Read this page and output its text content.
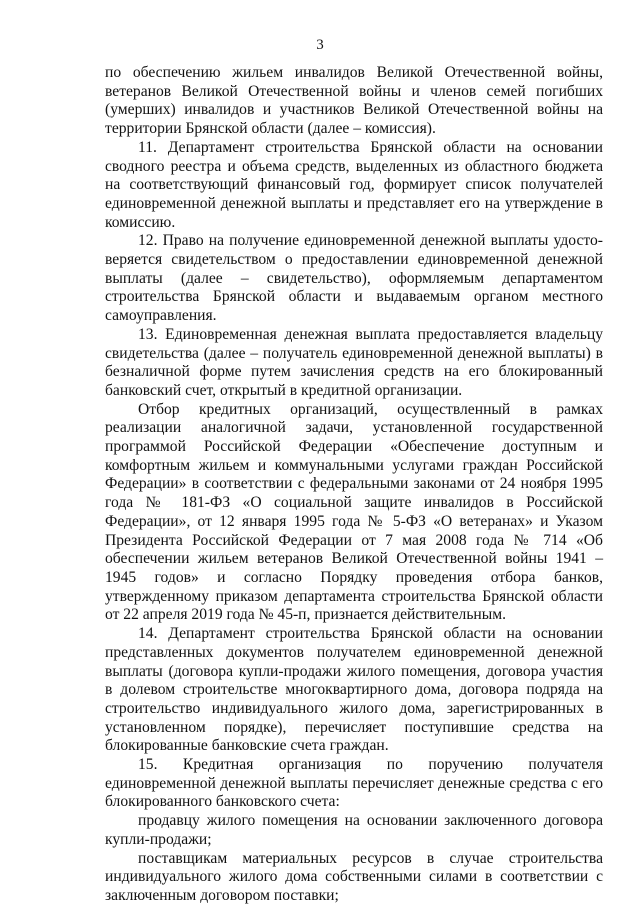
3

по обеспечению жильем инвалидов Великой Отечественной войны, ветеранов Великой Отечественной войны и членов семей погибших (умерших) инвалидов и участников Великой Отечественной войны на территории Брянской области (далее – комиссия).

11. Департамент строительства Брянской области на основании сводного реестра и объема средств, выделенных из областного бюджета на соответствующий финансовый год, формирует список получателей единовременной денежной выплаты и представляет его на утверждение в комиссию.

12. Право на получение единовременной денежной выплаты удостоверяется свидетельством о предоставлении единовременной денежной выплаты (далее – свидетельство), оформляемым департаментом строительства Брянской области и выдаваемым органом местного самоуправления.

13. Единовременная денежная выплата предоставляется владельцу свидетельства (далее – получатель единовременной денежной выплаты) в безналичной форме путем зачисления средств на его блокированный банковский счет, открытый в кредитной организации.

Отбор кредитных организаций, осуществленный в рамках реализации аналогичной задачи, установленной государственной программой Российской Федерации «Обеспечение доступным и комфортным жильем и коммунальными услугами граждан Российской Федерации» в соответствии с федеральными законами от 24 ноября 1995 года № 181-ФЗ «О социальной защите инвалидов в Российской Федерации», от 12 января 1995 года № 5-ФЗ «О ветеранах» и Указом Президента Российской Федерации от 7 мая 2008 года № 714 «Об обеспечении жильем ветеранов Великой Отечественной войны 1941 – 1945 годов» и согласно Порядку проведения отбора банков, утвержденному приказом департамента строительства Брянской области от 22 апреля 2019 года № 45-п, признается действительным.

14. Департамент строительства Брянской области на основании представленных документов получателем единовременной денежной выплаты (договора купли-продажи жилого помещения, договора участия в долевом строительстве многоквартирного дома, договора подряда на строительство индивидуального жилого дома, зарегистрированных в установленном порядке), перечисляет поступившие средства на блокированные банковские счета граждан.

15. Кредитная организация по поручению получателя единовременной денежной выплаты перечисляет денежные средства с его блокированного банковского счета:

продавцу жилого помещения на основании заключенного договора купли-продажи;

поставщикам материальных ресурсов в случае строительства индивидуального жилого дома собственными силами в соответствии с заключенным договором поставки;
